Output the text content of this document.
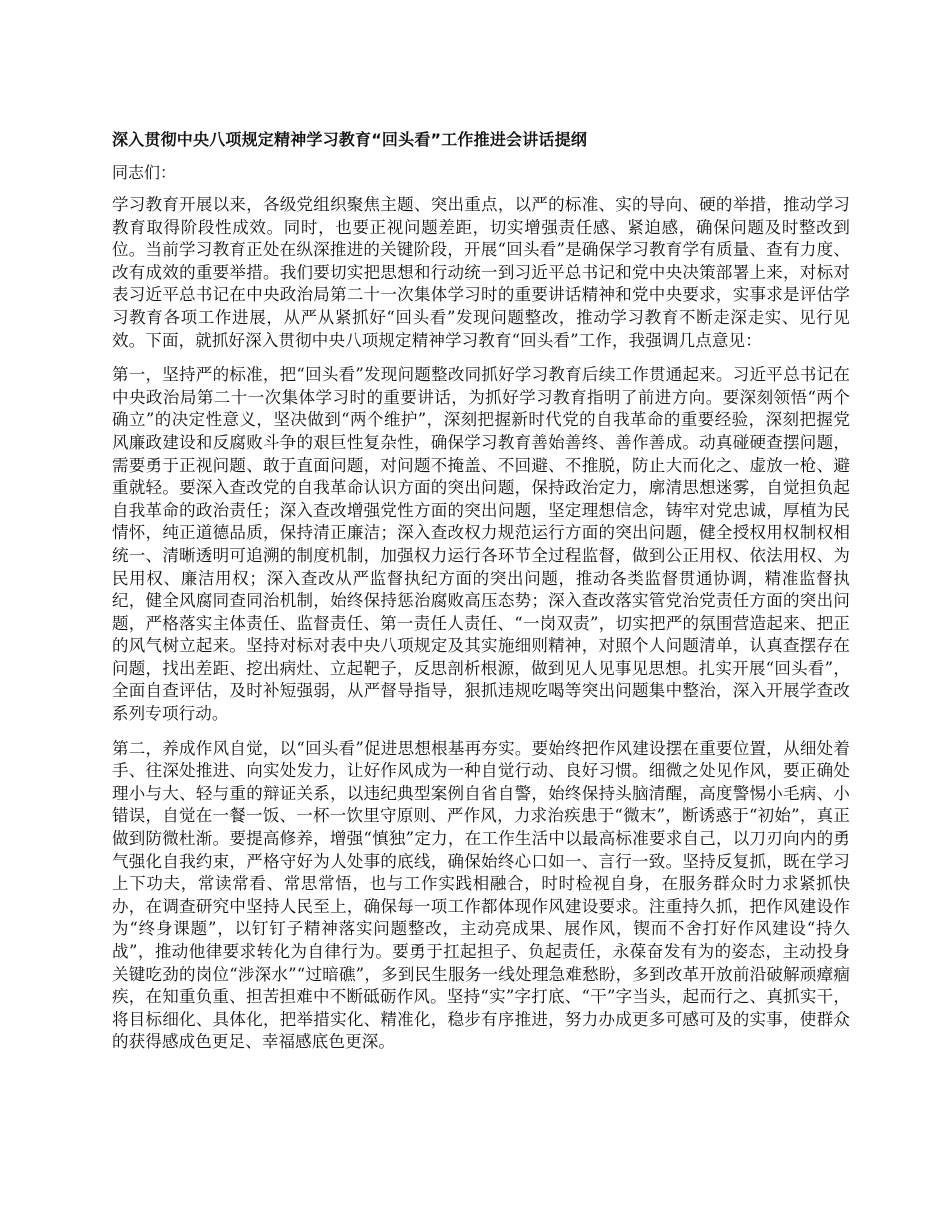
深入贯彻中央八项规定精神学习教育“回头看”工作推进会讲话提纲
同志们：

学习教育开展以来，各级党组织聚焦主题、突出重点，以严的标准、实的导向、硬的举措，推动学习教育取得阶段性成效。同时，也要正视问题差距，切实增强责任感、紧迫感，确保问题及时整改到位。当前学习教育正处在纵深推进的关键阶段，开展“回头看”是确保学习教育学有质量、查有力度、改有成效的重要举措。我们要切实把思想和行动统一到习近平总书记和党中央决策部署上来，对标对表习近平总书记在中央政治局第二十一次集体学习时的重要讲话精神和党中央要求，实事求是评估学习教育各项工作进展，从严从紧抓好“回头看”发现问题整改，推动学习教育不断走深走实、见行见效。下面，就抓好深入贯彻中央八项规定精神学习教育“回头看”工作，我强调几点意见：

第一，坚持严的标准，把“回头看”发现问题整改同抓好学习教育后续工作贯通起来。习近平总书记在中央政治局第二十一次集体学习时的重要讲话，为抓好学习教育指明了前进方向。要深刻领悟“两个确立”的决定性意义，坚决做到“两个维护”，深刻把握新时代党的自我革命的重要经验，深刻把握党风廉政建设和反腐败斗争的艰巨性复杂性，确保学习教育善始善终、善作善成。动真碰硬查摆问题，需要勇于正视问题、敢于直面问题，对问题不掩盖、不回避、不推脱，防止大而化之、虚放一枪、避重就轻。要深入查改党的自我革命认识方面的突出问题，保持政治定力，廓清思想迷雾，自觉担负起自我革命的政治责任；深入查改增强党性方面的突出问题，坚定理想信念，铸牢对党忠诚，厚植为民情怀，纯正道德品质，保持清正廉洁；深入查改权力规范运行方面的突出问题，健全授权用权制权相统一、清晰透明可追溯的制度机制，加强权力运行各环节全过程监督，做到公正用权、依法用权、为民用权、廉洁用权；深入查改从严监督执纪方面的突出问题，推动各类监督贯通协调，精准监督执纪，健全风腐同查同治机制，始终保持惩治腐败高压态势；深入查改落实管党治党责任方面的突出问题，严格落实主体责任、监督责任、第一责任人责任、“一岗双责”，切实把严的氛围营造起来、把正的风气树立起来。坚持对标对表中央八项规定及其实施细则精神，对照个人问题清单，认真查摆存在问题，找出差距、挖出病灶、立起靶子，反思剖析根源，做到见人见事见思想。扎实开展“回头看”，全面自查评估，及时补短强弱，从严督导指导，狠抓违规吃喝等突出问题集中整治，深入开展学查改系列专项行动。

第二，养成作风自觉，以“回头看”促进思想根基再夯实。要始终把作风建设摆在重要位置，从细处着手、往深处推进、向实处发力，让好作风成为一种自觉行动、良好习惯。细微之处见作风，要正确处理小与大、轻与重的辩证关系，以违纪典型案例自省自警，始终保持头脑清醒，高度警惕小毛病、小错误，自觉在一餐一饭、一杯一饮里守原则、严作风，力求治疾患于“微末”，断诱惑于“初始”，真正做到防微杜渐。要提高修养，增强“慎独”定力，在工作生活中以最高标准要求自己，以刀刃向内的勇气强化自我约束，严格守好为人处事的底线，确保始终心口如一、言行一致。坚持反复抓，既在学习上下功夫，常读常看、常思常悟，也与工作实践相融合，时时检视自身，在服务群众时力求紧抓快办，在调查研究中坚持人民至上，确保每一项工作都体现作风建设要求。注重持久抓，把作风建设作为“终身课题”，以钉钉子精神落实问题整改，主动亮成果、展作风，锲而不舍打好作风建设“持久战”，推动他律要求转化为自律行为。要勇于扛起担子、负起责任，永葆奋发有为的姿态，主动投身关键吃劲的岗位“涉深水”“过暗礁”，多到民生服务一线处理急难愁盼，多到改革开放前沿破解顽瘴痼疾，在知重负重、担苦担难中不断砥砺作风。坚持“实”字打底、“干”字当头，起而行之、真抓实干，将目标细化、具体化，把举措实化、精准化，稳步有序推进，努力办成更多可感可及的实事，使群众的获得感成色更足、幸福感底色更深。
